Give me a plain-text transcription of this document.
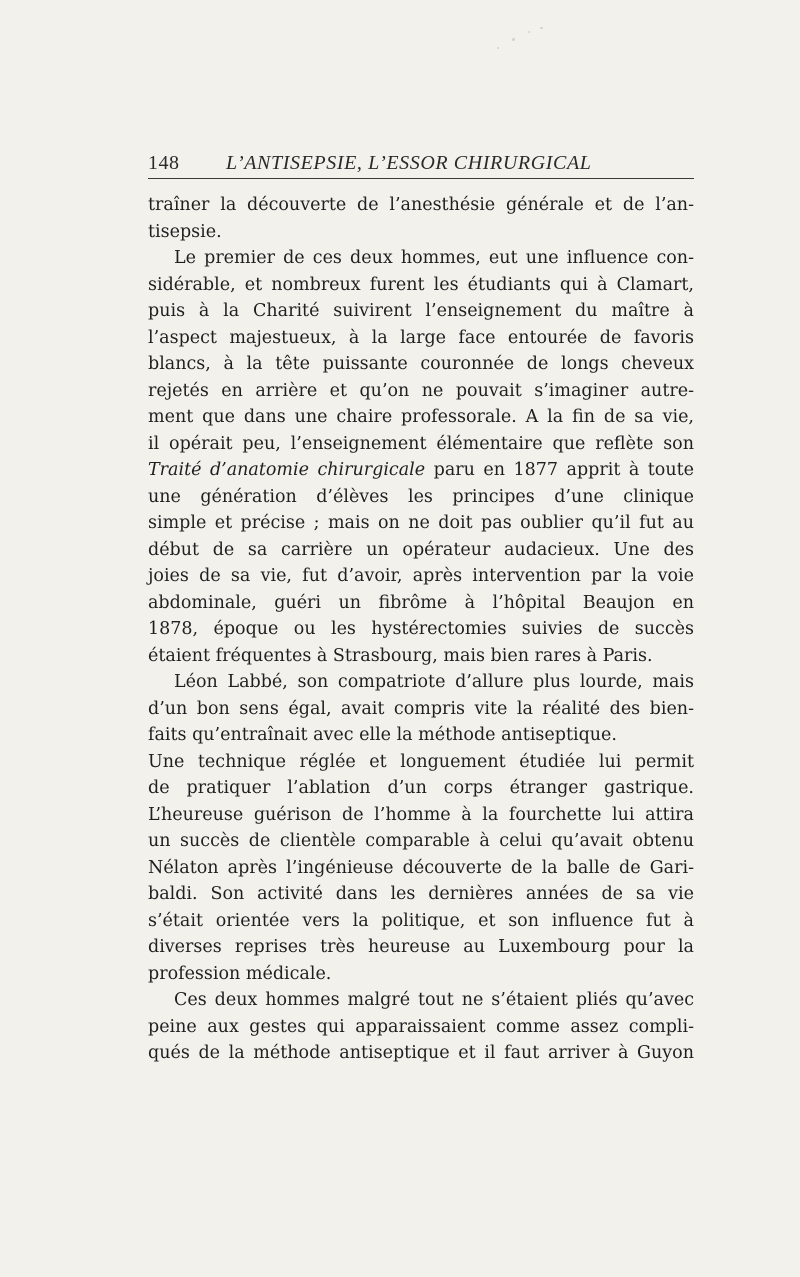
148 L’ANTISEPSIE, L’ESSOR CHIRURGICAL
traîner la découverte de l’anesthésie générale et de l’an-
tisepsie.
Le premier de ces deux hommes, eut une influence con-
sidérable, et nombreux furent les étudiants qui à Clamart,
puis à la Charité suivirent l’enseignement du maître à
l’aspect majestueux, à la large face entourée de favoris
blancs, à la tête puissante couronnée de longs cheveux
rejetés en arrière et qu’on ne pouvait s’imaginer autre-
ment que dans une chaire professorale. A la fin de sa vie,
il opérait peu, l’enseignement élémentaire que reflète son
Traité d’anatomie chirurgicale paru en 1877 apprit à toute
une génération d’élèves les principes d’une clinique
simple et précise ; mais on ne doit pas oublier qu’il fut au
début de sa carrière un opérateur audacieux. Une des
joies de sa vie, fut d’avoir, après intervention par la voie
abdominale, guéri un fibrôme à l’hôpital Beaujon en
1878, époque ou les hystérectomies suivies de succès
étaient fréquentes à Strasbourg, mais bien rares à Paris.
Léon Labbé, son compatriote d’allure plus lourde, mais
d’un bon sens égal, avait compris vite la réalité des bien-
faits qu’entraînait avec elle la méthode antiseptique.
Une technique réglée et longuement étudiée lui permit
de pratiquer l’ablation d’un corps étranger gastrique.
L’heureuse guérison de l’homme à la fourchette lui attira
un succès de clientèle comparable à celui qu’avait obtenu
Nélaton après l’ingénieuse découverte de la balle de Gari-
baldi. Son activité dans les dernières années de sa vie
s’était orientée vers la politique, et son influence fut à
diverses reprises très heureuse au Luxembourg pour la
profession médicale.
Ces deux hommes malgré tout ne s’étaient pliés qu’avec
peine aux gestes qui apparaissaient comme assez compli-
qués de la méthode antiseptique et il faut arriver à Guyon
